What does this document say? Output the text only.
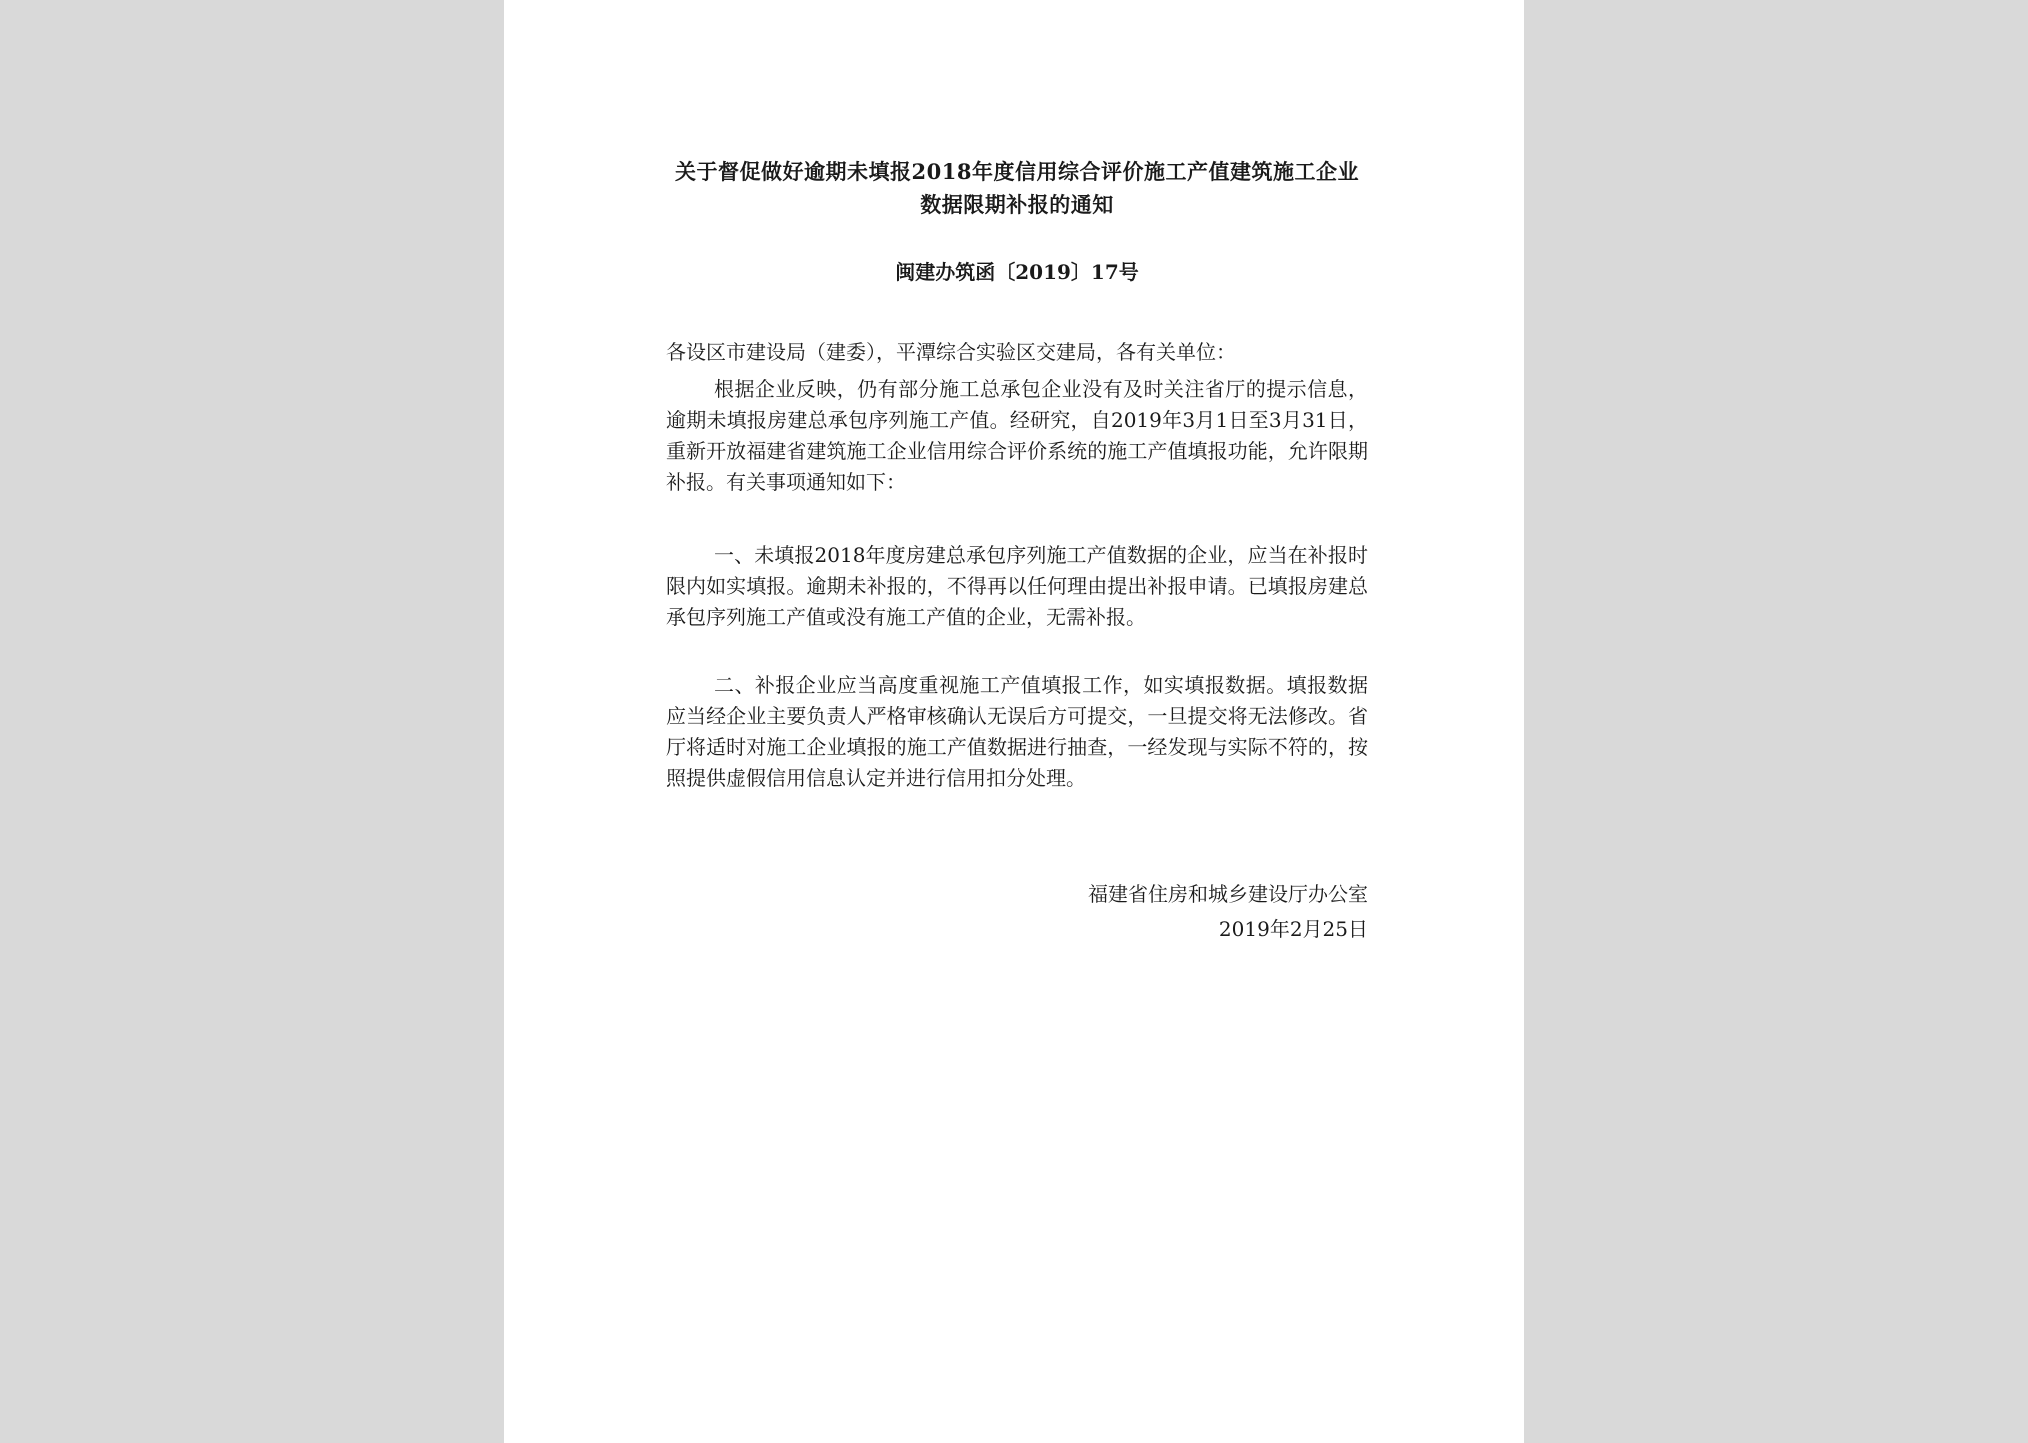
关于督促做好逾期未填报2018年度信用综合评价施工产值建筑施工企业数据限期补报的通知
闽建办筑函〔2019〕17号
各设区市建设局（建委），平潭综合实验区交建局，各有关单位：

根据企业反映，仍有部分施工总承包企业没有及时关注省厅的提示信息，逾期未填报房建总承包序列施工产值。经研究，自2019年3月1日至3月31日，重新开放福建省建筑施工企业信用综合评价系统的施工产值填报功能，允许限期补报。有关事项通知如下：

一、未填报2018年度房建总承包序列施工产值数据的企业，应当在补报时限内如实填报。逾期未补报的，不得再以任何理由提出补报申请。已填报房建总承包序列施工产值或没有施工产值的企业，无需补报。

二、补报企业应当高度重视施工产值填报工作，如实填报数据。填报数据应当经企业主要负责人严格审核确认无误后方可提交，一旦提交将无法修改。省厅将适时对施工企业填报的施工产值数据进行抽查，一经发现与实际不符的，按照提供虚假信用信息认定并进行信用扣分处理。

福建省住房和城乡建设厅办公室
2019年2月25日
